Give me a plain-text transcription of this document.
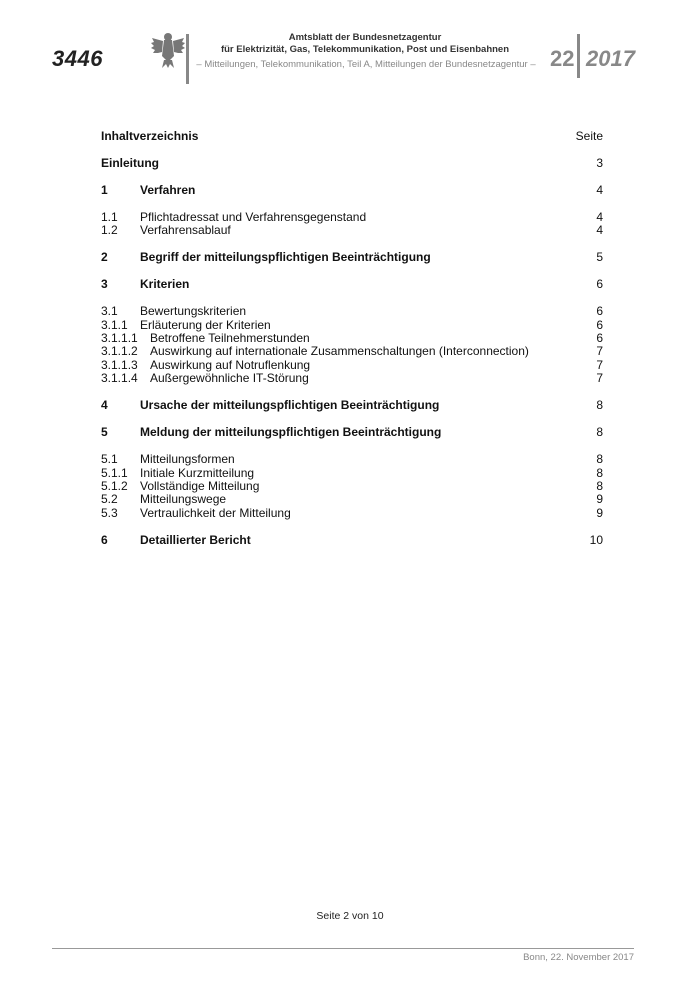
3446
Amtsblatt der Bundesnetzagentur
für Elektrizität, Gas, Telekommunikation, Post und Eisenbahnen
– Mitteilungen, Telekommunikation, Teil A, Mitteilungen der Bundesnetzagentur – 22 2017
Inhaltverzeichnis	Seite
Einleitung	3
1	Verfahren	4
1.1 Pflichtadressat und Verfahrensgegenstand	4
1.2 Verfahrensablauf	4
2	Begriff der mitteilungspflichtigen Beeinträchtigung	5
3	Kriterien	6
3.1 Bewertungskriterien	6
3.1.1 Erläuterung der Kriterien	6
3.1.1.1 Betroffene Teilnehmerstunden	6
3.1.1.2 Auswirkung auf internationale Zusammenschaltungen (Interconnection)	7
3.1.1.3 Auswirkung auf Notruflenkung	7
3.1.1.4 Außergewöhnliche IT-Störung	7
4	Ursache der mitteilungspflichtigen Beeinträchtigung	8
5	Meldung der mitteilungspflichtigen Beeinträchtigung	8
5.1 Mitteilungsformen	8
5.1.1 Initiale Kurzmitteilung	8
5.1.2 Vollständige Mitteilung	8
5.2 Mitteilungswege	9
5.3 Vertraulichkeit der Mitteilung	9
6	Detaillierter Bericht	10
Seite 2 von 10
Bonn, 22. November 2017
